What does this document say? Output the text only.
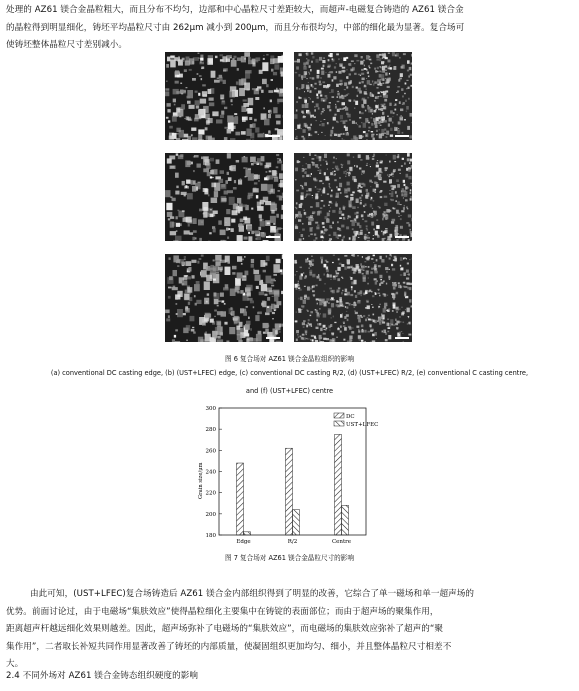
处理的 AZ61 镁合金晶粒粗大，而且分布不均匀，边部和中心晶粒尺寸差距较大，而超声-电磁复合铸造的 AZ61 镁合金

的晶粒得到明显细化，铸坯平均晶粒尺寸由 262μm 减小到 200μm，而且分布很均匀，中部的细化最为显著。复合场可

使铸坯整体晶粒尺寸差别减小。

图 6 复合场对 AZ61 镁合金晶粒组织的影响
(a) conventional DC casting edge, (b) (UST+LFEC) edge, (c) conventional DC casting R/2, (d) (UST+LFEC) R/2, (e) conventional C casting centre,
and (f) (UST+LFEC) centre
180
200
220
240
260
280
300
Edge	R/2	Centre
Grain size/μm
DC
UST+LFEC
图 7 复合场对 AZ61 镁合金晶粒尺寸的影响

由此可知，(UST+LFEC)复合场铸造后 AZ61 镁合金内部组织得到了明显的改善，它综合了单一磁场和单一超声场的

优势。前面讨论过，由于电磁场“集肤效应”使得晶粒细化主要集中在铸锭的表面部位；而由于超声场的聚集作用，

距离超声杆越远细化效果则越差。因此，超声场弥补了电磁场的“集肤效应”，而电磁场的集肤效应弥补了超声的“聚

集作用”，二者取长补短共同作用显著改善了铸坯的内部质量，使凝固组织更加均匀、细小，并且整体晶粒尺寸相差不

大。

2.4 不同外场对 AZ61 镁合金铸态组织硬度的影响
